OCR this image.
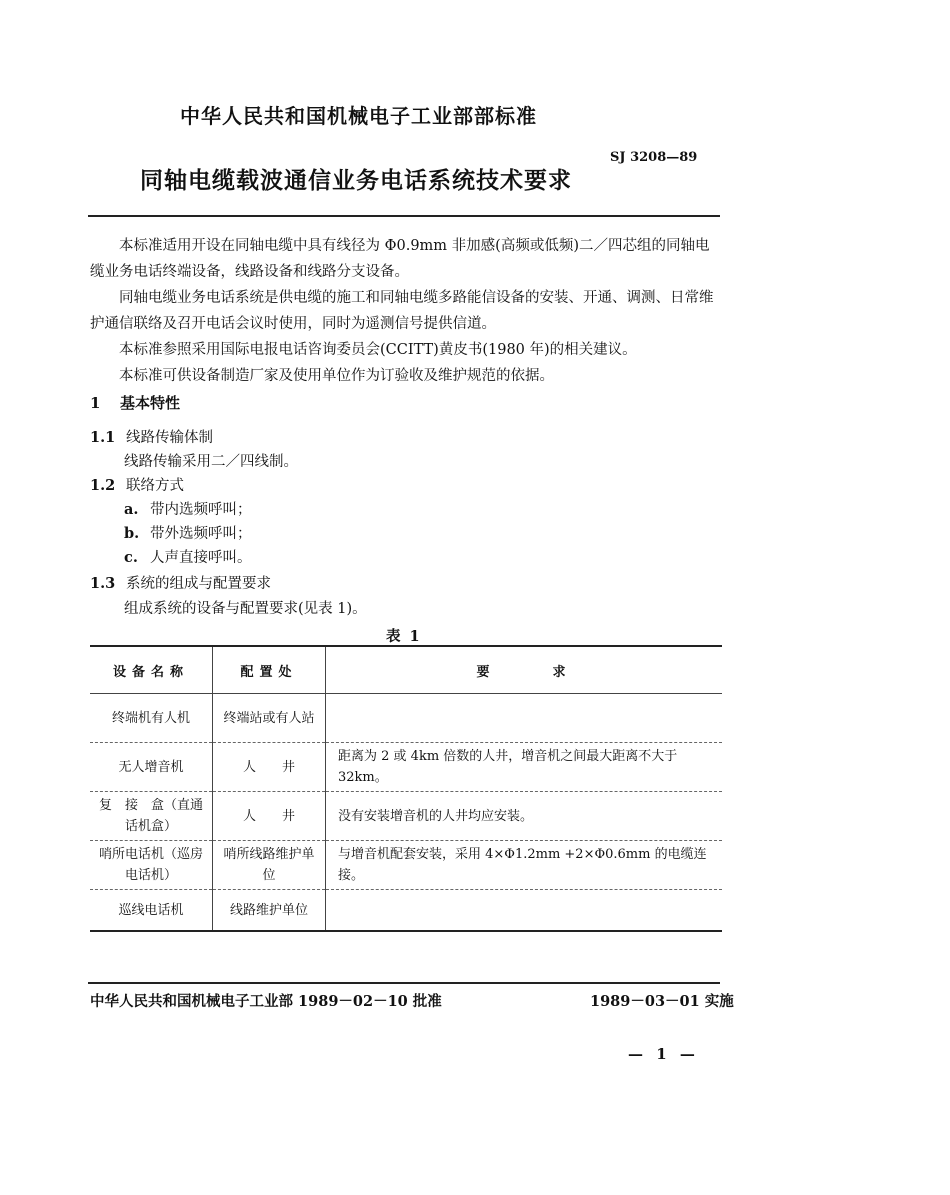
中华人民共和国机械电子工业部部标准
SJ 3208—89
同轴电缆载波通信业务电话系统技术要求
本标准适用开设在同轴电缆中具有线径为 Φ0.9mm 非加感(高频或低频)二／四芯组的同轴电缆业务电话终端设备，线路设备和线路分支设备。
同轴电缆业务电话系统是供电缆的施工和同轴电缆多路能信设备的安装、开通、调测、日常维护通信联络及召开电话会议时使用，同时为遥测信号提供信道。
本标准参照采用国际电报电话咨询委员会(CCITT)黄皮书(1980 年)的相关建议。
本标准可供设备制造厂家及使用单位作为订验收及维护规范的依据。
1 基本特性
1.1 线路传输体制
线路传输采用二／四线制。
1.2 联络方式
a. 带内选频呼叫；
b. 带外选频呼叫；
c. 人声直接呼叫。
1.3 系统的组成与配置要求
组成系统的设备与配置要求(见表 1)。
表 1
设备名称	配置处	要　　　求
终端机有人机	终端站或有人站	
无人增音机	人　　井	距离为 2 或 4km 倍数的人井，增音机之间最大距离不大于 32km。
复　接　盒（直通话机盒）	人　　井	没有安装增音机的人井均应安装。
哨所电话机（巡房电话机）	哨所线路维护单位	与增音机配套安装，采用 4×Φ1.2mm +2×Φ0.6mm 的电缆连接。
巡线电话机	线路维护单位	
中华人民共和国机械电子工业部 1989－02－10 批准	1989－03－01 实施
— 1 —
